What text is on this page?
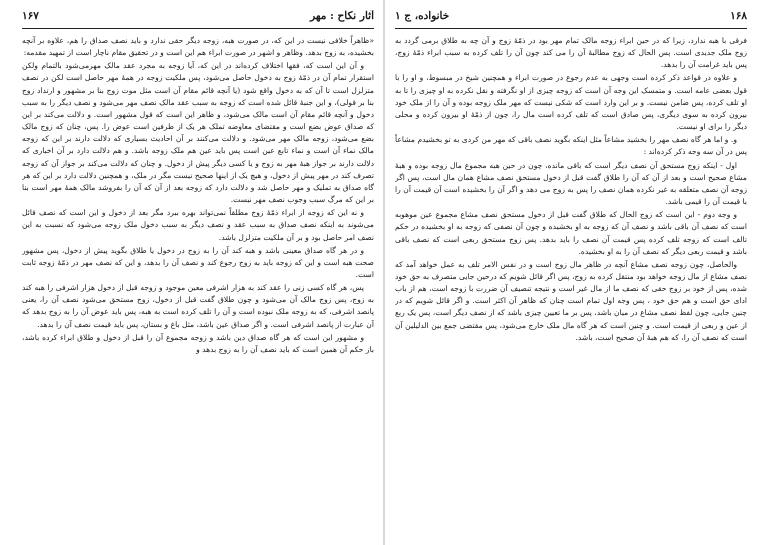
۱۶۸
خانواده، ج ۱

فرقی با هبه ندارد، زیرا که در حین ابراء زوجه مالک تمام مهر بود در ذمّهٔ زوج و آن چه به طلاق برمی گردد به زوج ملک جدیدی است. پس الحال که زوج مطالبهٔ آن را می کند چون آن را تلف کرده به سبب ابراء ذمّهٔ زوج، پس باید غرامت آن را بدهد.

و علاوه در قواعد ذکر کرده است وجهی به عدم رجوع در صورت ابراء و همچنین شیخ در مبسوط، و او را با قول بعضی عامه است. و متمسک این وجه آن است که زوجه چیزی از او نگرفته و نقل نکرده به او چیزی را تا به او تلف کرده، پس ضامن نیست. و بر این وارد است که شکی نیست که مهر ملک زوجه بوده و آن را از ملک خود بیرون کرده به سوی دیگری، پس صادق است که تلف کرده است مال را، چون از ذمّهٔ او بیرون کرده و محلی دیگر را برای او نیست.

و. و اما هر گاه نصف مهر را بخشید مشاعاً مثل اینکه بگوید نصف باقی که مهر من کردی به تو بخشیدم مشاعاً پس در آن سه وجه ذکر کرده‌اند :

اول - اینکه زوج مستحق آن نصف دیگر است که باقی مانده، چون در حین هبه مجموع مال زوجه بوده و هبهٔ مشاع صحیح است و بعد از آن که آن را طلاق گفت قبل از دخول مستحق نصف مشاع همان مال است، پس اگر زوجه آن نصف متعلقه به غیر نکرده همان نصف را پس به زوج می دهد و اگر آن را بخشیده است آن قیمت آن را با قیمت آن را قیمی باشد.

و وجه دوم - این است که زوج الحال که طلاق گفت قبل از دخول مستحق نصف مشاع مجموع عین موهوبه است که نصف آن باقی باشد و نصف آن که زوجه به او بخشیده و چون آن نصفی که زوجه به او بخشیده در حکم تالف است که زوجه تلف کرده پس قیمت آن نصف را باید بدهد. پس زوج مستحق ربعی است که نصف باقی باشد و قیمت ربعی دیگر که نصف آن را به او بخشیده.

والحاصل، چون زوجه نصف مشاع آنچه در ظاهر مال زوج است و در نفس الامر تلف به عمل خواهد آمد که نصف مشاع از مال زوجه خواهد بود منتقل کرده به زوج، پس اگر قائل شویم که درحین جایی متصرف به حق خود شده، پس از خود بر زوج حقی که نصف ما از مال غیر است و نتیجه تنصیف آن ضررت با زوجه است، هم از باب ادای حق است و هم حق خود ، پس وجه اول تمام است چنان که ظاهر آن اکثر است. و اگر قائل شویم که در چنین جایی، چون لفظ نصف مشاع در میان باشد، پس بر ما تعیین چیزی باشد که از نصف دیگر است، پس یک ربع از عین و ربعی از قیمت است. و چنین است که هر گاه مال ملک خارج می‌شود، پس مقتضی جمع بین الدلیلین آن است که نصف آن را، که هم هبهٔ آن صحیح است، باشد.

۱۶۷	آثار نکاح : مهر

«ظاهراً خلافی نیست در این که، در صورت هبه، زوجه دیگر حقی ندارد و باید نصف صداق را هم، علاوه بر آنچه بخشیده، به زوج بدهد. وظاهر و اشهر در صورت ابراء هم این است و در تحقیق مقام ناچار است از تمهید مقدمه:

و آن این است که، فقها اختلاف کرده‌اند در این که، آیا زوجه به مجرد عقد مالک مهرمی‌شود بالتمام ولکن استقرار تمام آن در ذمّهٔ زوج به دخول حاصل می‌شود، پس ملکیت زوجه در همهٔ مهر حاصل است لکن در نصف متزلزل است تا آن که به دخول واقع شود (یا آنچه قائم مقام آن است مثل موت زوج بنا بر مشهور و ارتداد زوج بنا بر قولی)، و این جنبهٔ قائل شده است که زوجه به سبب عقد مالک نصف مهر می‌شود و نصف دیگر را به سبب دخول و آنچه قائم مقام آن است مالک می‌شود، و ظاهر این است که قول مشهور است. و دلالت می‌کند بر این که صداق عوض بضع است و مقتضای معاوضه تملک هر یک از طرفین است عوض را. پس، چنان که زوج مالک بضع می‌شود، زوجه مالک مهر می‌شود. و دلالت می‌کنند بر آن احادیث بسیاری که دلالت دارند بر این که زوجه مالک نماء آن است و نماء تابع عین است پس باید عین هم ملک زوجه باشد. و هم دلالت دارد بر آن اخباری که دلالت دارند بر جواز هبهٔ مهر به زوج و یا کسی دیگر پیش از دخول. و چنان که دلالت می‌کند بر جواز آن که زوجه تصرف کند در مهر پیش از دخول، و هیچ یک از اینها صحیح نیست مگر در ملک، و همچنین دلالت دارد بر این که هر گاه صداق به تملیک و مهر حاصل شد و دلالت دارد که زوجه بعد از آن که آن را بفروشد مالک همهٔ مهر است بنا بر این که مرگ سبب وجوب نصف مهر نیست.

و نه این که زوجه از ابراء ذمّهٔ زوج مطلقاً نمی‌تواند بهره ببرد مگر بعد از دخول و این است که نصف قائل می‌شوند به اینکه نصف صداق به سبب عقد و نصف دیگر به سبب دخول ملک زوجه می‌شود که نسبت به این نصف امر حاصل بود و بر آن ملکیت متزلزل باشد.

و در هر گاه صداق معینی باشد و هبه کند آن را به زوج در دخول یا طلاق بگوید پیش از دخول، پس مشهور صحت هبه است و این که زوجه باید به زوج رجوع کند و نصف آن را بدهد، و این که نصف مهر در ذمّهٔ زوجه ثابت است.

پس، هر گاه کسی زنی را عقد کند به هزار اشرفی معین موجود و زوجه قبل از دخول هزار اشرفی را هبه کند به زوج، پس زوج مالک آن می‌شود و چون طلاق گفت قبل از دخول، زوج مستحق می‌شود نصف آن را، یعنی پانصد اشرفی، که به زوجه ملک نبوده است و آن را تلف کرده است به هبه، پس باید عوض آن را به زوج بدهد که آن عبارت از پانصد اشرفی است. و اگر صداق عین باشد، مثل باغ و بستان، پس باید قیمت نصف آن را بدهد.

و مشهور این است که هر گاه صداق دین باشد و زوجه مجموع آن را قبل از دخول و طلاق ابراء کرده باشد، باز حکم آن همین است که باید نصف آن را به زوج بدهد و
